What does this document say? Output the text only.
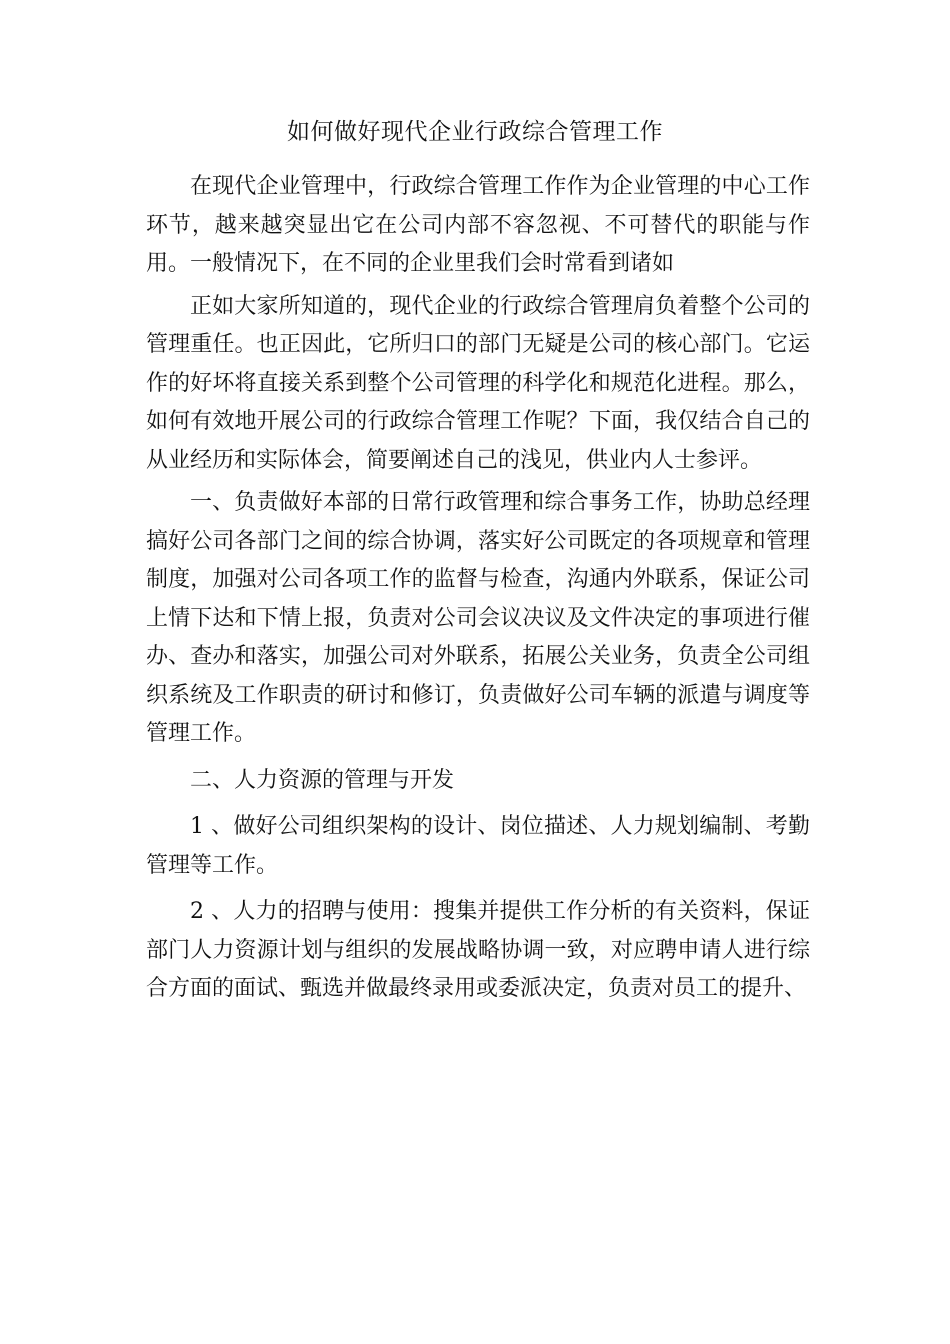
如何做好现代企业行政综合管理工作

在现代企业管理中，行政综合管理工作作为企业管理的中心工作环节，越来越突显出它在公司内部不容忽视、不可替代的职能与作用。一般情况下，在不同的企业里我们会时常看到诸如

正如大家所知道的，现代企业的行政综合管理肩负着整个公司的管理重任。也正因此，它所归口的部门无疑是公司的核心部门。它运作的好坏将直接关系到整个公司管理的科学化和规范化进程。那么，如何有效地开展公司的行政综合管理工作呢？下面，我仅结合自己的从业经历和实际体会，简要阐述自己的浅见，供业内人士参评。

一、负责做好本部的日常行政管理和综合事务工作，协助总经理搞好公司各部门之间的综合协调，落实好公司既定的各项规章和管理制度，加强对公司各项工作的监督与检查，沟通内外联系，保证公司上情下达和下情上报，负责对公司会议决议及文件决定的事项进行催办、查办和落实，加强公司对外联系，拓展公关业务，负责全公司组织系统及工作职责的研讨和修订，负责做好公司车辆的派遣与调度等管理工作。

二、人力资源的管理与开发

1 、做好公司组织架构的设计、岗位描述、人力规划编制、考勤管理等工作。

2 、人力的招聘与使用：搜集并提供工作分析的有关资料，保证部门人力资源计划与组织的发展战略协调一致，对应聘申请人进行综合方面的面试、甄选并做最终录用或委派决定，负责对员工的提升、
